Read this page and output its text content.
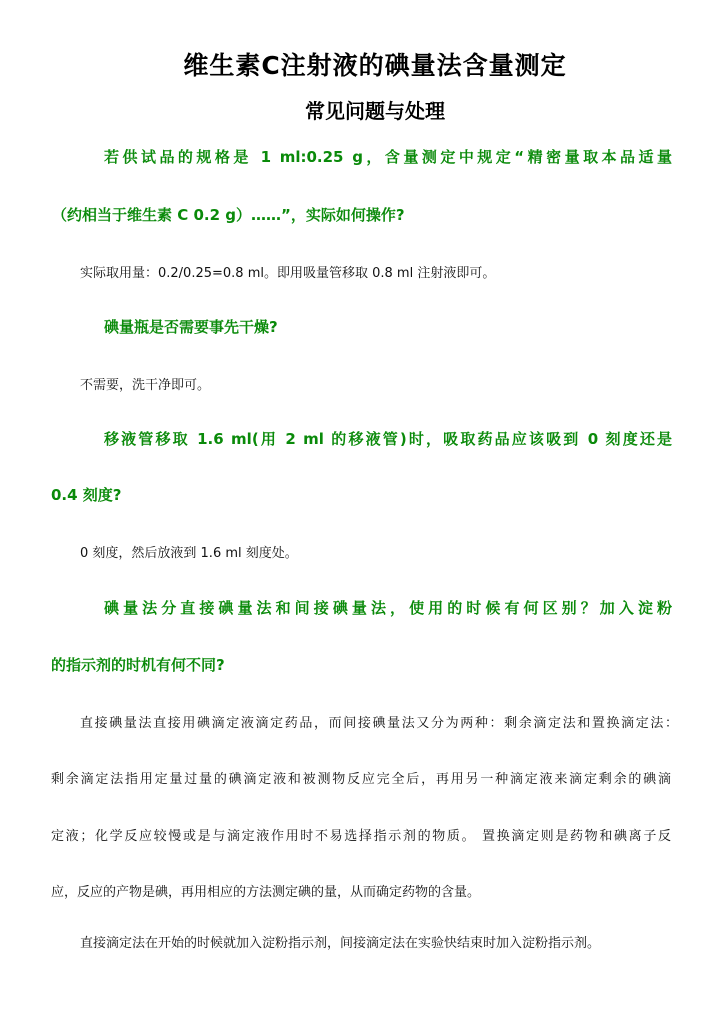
维生素C注射液的碘量法含量测定
常见问题与处理

若供试品的规格是 1 ml:0.25 g，含量测定中规定“精密量取本品适量

（约相当于维生素 C 0.2 g）……”，实际如何操作?

实际取用量：0.2/0.25=0.8 ml。即用吸量管移取 0.8 ml 注射液即可。

碘量瓶是否需要事先干燥?

不需要，洗干净即可。

移液管移取 1.6 ml(用 2 ml 的移液管)时，吸取药品应该吸到 0 刻度还是

0.4 刻度?

0 刻度，然后放液到 1.6 ml 刻度处。

碘量法分直接碘量法和间接碘量法，使用的时候有何区别？加入淀粉

的指示剂的时机有何不同?

直接碘量法直接用碘滴定液滴定药品，而间接碘量法又分为两种：剩余滴定法和置换滴定法：

剩余滴定法指用定量过量的碘滴定液和被测物反应完全后，再用另一种滴定液来滴定剩余的碘滴

定液；化学反应较慢或是与滴定液作用时不易选择指示剂的物质。 置换滴定则是药物和碘离子反

应，反应的产物是碘，再用相应的方法测定碘的量，从而确定药物的含量。

直接滴定法在开始的时候就加入淀粉指示剂，间接滴定法在实验快结束时加入淀粉指示剂。
